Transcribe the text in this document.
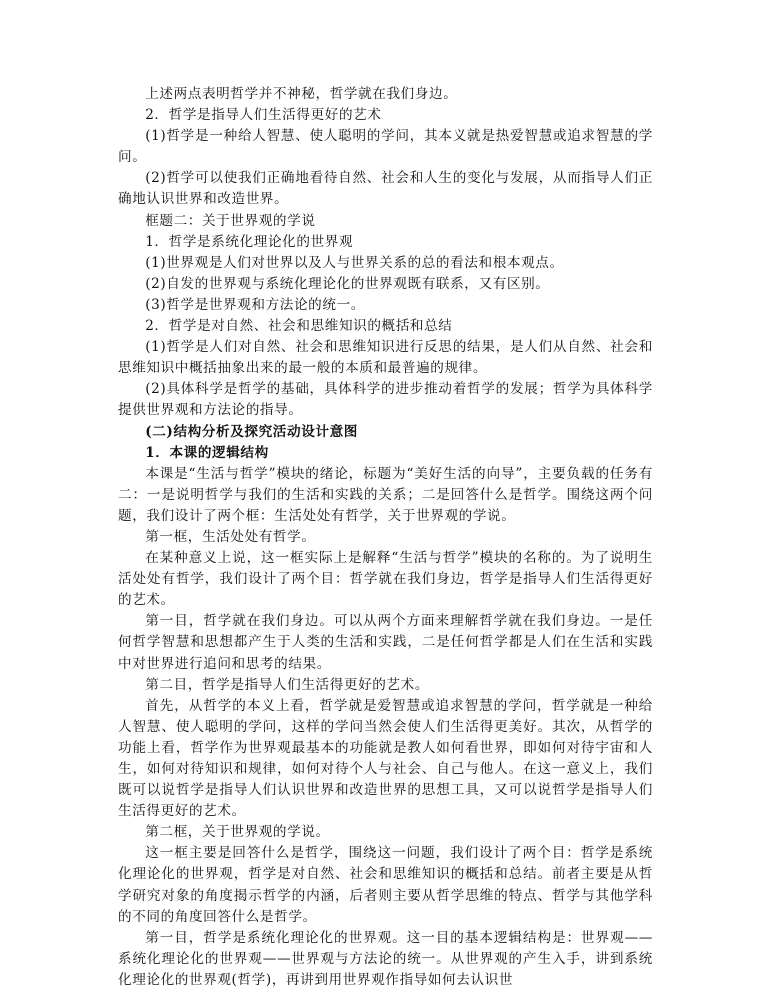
上述两点表明哲学并不神秘，哲学就在我们身边。

2．哲学是指导人们生活得更好的艺术

(1)哲学是一种给人智慧、使人聪明的学问，其本义就是热爱智慧或追求智慧的学问。

(2)哲学可以使我们正确地看待自然、社会和人生的变化与发展，从而指导人们正确地认识世界和改造世界。

框题二：关于世界观的学说

1．哲学是系统化理论化的世界观

(1)世界观是人们对世界以及人与世界关系的总的看法和根本观点。

(2)自发的世界观与系统化理论化的世界观既有联系，又有区别。

(3)哲学是世界观和方法论的统一。

2．哲学是对自然、社会和思维知识的概括和总结

(1)哲学是人们对自然、社会和思维知识进行反思的结果，是人们从自然、社会和思维知识中概括抽象出来的最一般的本质和最普遍的规律。

(2)具体科学是哲学的基础，具体科学的进步推动着哲学的发展；哲学为具体科学提供世界观和方法论的指导。

(二)结构分析及探究活动设计意图

1．本课的逻辑结构

本课是“生活与哲学”模块的绪论，标题为“美好生活的向导”，主要负载的任务有二：一是说明哲学与我们的生活和实践的关系；二是回答什么是哲学。围绕这两个问题，我们设计了两个框：生活处处有哲学，关于世界观的学说。

第一框，生活处处有哲学。

在某种意义上说，这一框实际上是解释“生活与哲学”模块的名称的。为了说明生活处处有哲学，我们设计了两个目：哲学就在我们身边，哲学是指导人们生活得更好的艺术。

第一目，哲学就在我们身边。可以从两个方面来理解哲学就在我们身边。一是任何哲学智慧和思想都产生于人类的生活和实践，二是任何哲学都是人们在生活和实践中对世界进行追问和思考的结果。

第二目，哲学是指导人们生活得更好的艺术。

首先，从哲学的本义上看，哲学就是爱智慧或追求智慧的学问，哲学就是一种给人智慧、使人聪明的学问，这样的学问当然会使人们生活得更美好。其次，从哲学的功能上看，哲学作为世界观最基本的功能就是教人如何看世界，即如何对待宇宙和人生，如何对待知识和规律，如何对待个人与社会、自己与他人。在这一意义上，我们既可以说哲学是指导人们认识世界和改造世界的思想工具，又可以说哲学是指导人们生活得更好的艺术。

第二框，关于世界观的学说。

这一框主要是回答什么是哲学，围绕这一问题，我们设计了两个目：哲学是系统化理论化的世界观，哲学是对自然、社会和思维知识的概括和总结。前者主要是从哲学研究对象的角度揭示哲学的内涵，后者则主要从哲学思维的特点、哲学与其他学科的不同的角度回答什么是哲学。

第一目，哲学是系统化理论化的世界观。这一目的基本逻辑结构是：世界观——系统化理论化的世界观——世界观与方法论的统一。从世界观的产生入手，讲到系统化理论化的世界观(哲学)，再讲到用世界观作指导如何去认识世
